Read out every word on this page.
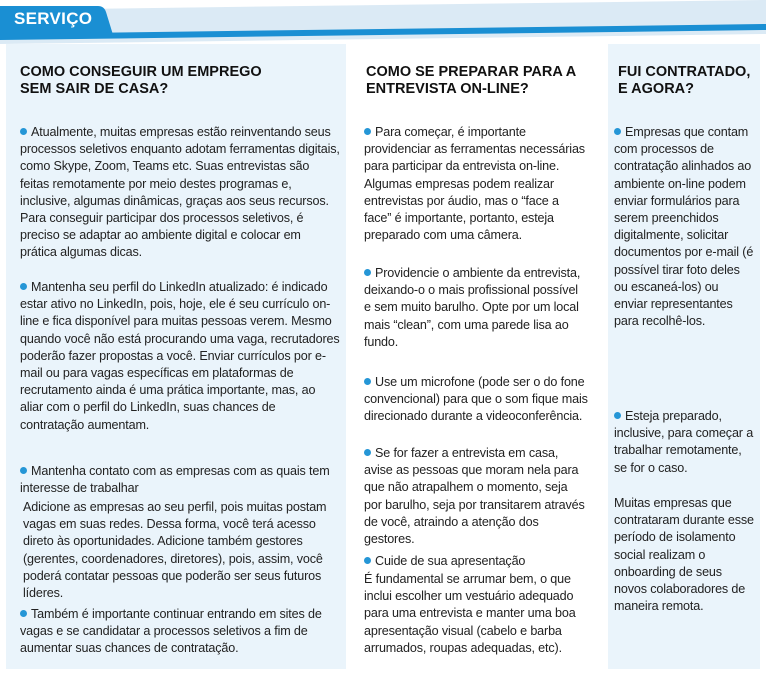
SERVIÇO
COMO CONSEGUIR UM EMPREGO
SEM SAIR DE CASA?

Atualmente, muitas empresas estão reinventando seus processos seletivos enquanto adotam ferramentas digitais, como Skype, Zoom, Teams etc. Suas entrevistas são feitas remotamente por meio destes programas e, inclusive, algumas dinâmicas, graças aos seus recursos. Para conseguir participar dos processos seletivos, é preciso se adaptar ao ambiente digital e colocar em prática algumas dicas.

Mantenha seu perfil do LinkedIn atualizado: é indicado estar ativo no LinkedIn, pois, hoje, ele é seu currículo on-line e fica disponível para muitas pessoas verem. Mesmo quando você não está procurando uma vaga, recrutadores poderão fazer propostas a você. Enviar currículos por e-mail ou para vagas específicas em plataformas de recrutamento ainda é uma prática importante, mas, ao aliar com o perfil do LinkedIn, suas chances de contratação aumentam.

Mantenha contato com as empresas com as quais tem interesse de trabalhar

Adicione as empresas ao seu perfil, pois muitas postam vagas em suas redes. Dessa forma, você terá acesso direto às oportunidades. Adicione também gestores (gerentes, coordenadores, diretores), pois, assim, você poderá contatar pessoas que poderão ser seus futuros líderes.

Também é importante continuar entrando em sites de vagas e se candidatar a processos seletivos a fim de aumentar suas chances de contratação.

COMO SE PREPARAR PARA A
ENTREVISTA ON-LINE?

Para começar, é importante providenciar as ferramentas necessárias para participar da entrevista on-line. Algumas empresas podem realizar entrevistas por áudio, mas o “face a face” é importante, portanto, esteja preparado com uma câmera.

Providencie o ambiente da entrevista, deixando-o o mais profissional possível e sem muito barulho. Opte por um local mais “clean”, com uma parede lisa ao fundo.

Use um microfone (pode ser o do fone convencional) para que o som fique mais direcionado durante a videoconferência.

Se for fazer a entrevista em casa, avise as pessoas que moram nela para que não atrapalhem o momento, seja por barulho, seja por transitarem através de você, atraindo a atenção dos gestores.

Cuide de sua apresentação

É fundamental se arrumar bem, o que inclui escolher um vestuário adequado para uma entrevista e manter uma boa apresentação visual (cabelo e barba arrumados, roupas adequadas, etc).

FUI CONTRATADO,
E AGORA?

Empresas que contam com processos de contratação alinhados ao ambiente on-line podem enviar formulários para serem preenchidos digitalmente, solicitar documentos por e-mail (é possível tirar foto deles ou escaneá-los) ou enviar representantes para recolhê-los.

Esteja preparado, inclusive, para começar a trabalhar remotamente, se for o caso.

Muitas empresas que contrataram durante esse período de isolamento social realizam o onboarding de seus novos colaboradores de maneira remota.
